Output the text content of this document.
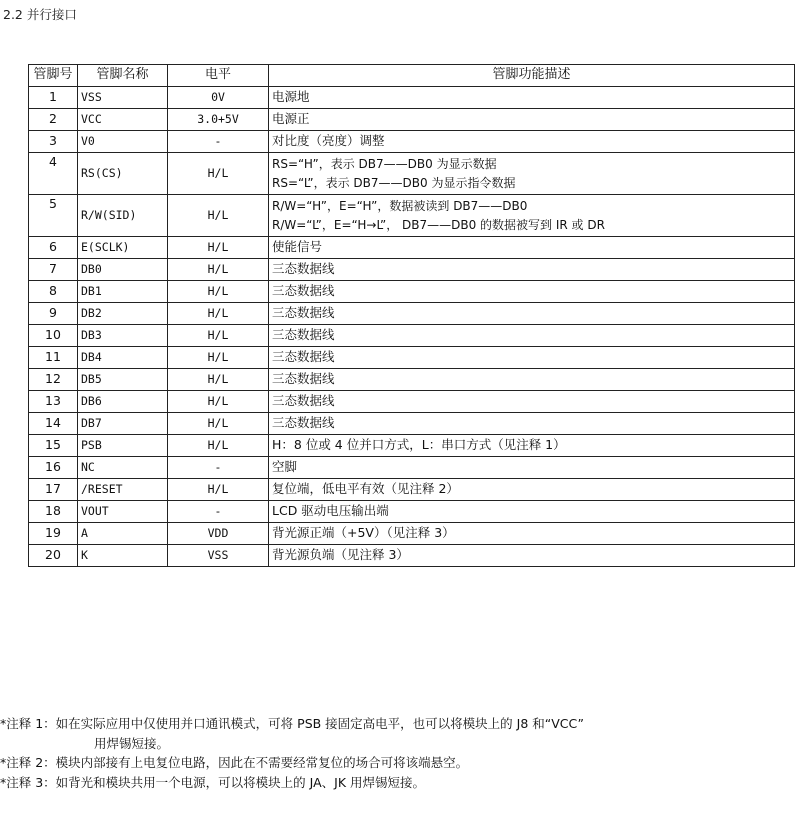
2.2 并行接口
管脚号	管脚名称	电平	管脚功能描述
1	VSS	0V	电源地
2	VCC	3.0+5V	电源正
3	V0	-	对比度（亮度）调整
4	RS(CS)	H/L	RS=“H”，表示 DB7——DB0 为显示数据
RS=“L”，表示 DB7——DB0 为显示指令数据

5	R/W(SID)	H/L	R/W=“H”，E=“H”，数据被读到 DB7——DB0
R/W=“L”，E=“H→L”， DB7——DB0 的数据被写到 IR 或 DR

6	E(SCLK)	H/L	使能信号
7	DB0	H/L	三态数据线
8	DB1	H/L	三态数据线
9	DB2	H/L	三态数据线
10	DB3	H/L	三态数据线
11	DB4	H/L	三态数据线
12	DB5	H/L	三态数据线
13	DB6	H/L	三态数据线
14	DB7	H/L	三态数据线
15	PSB	H/L	H：8 位或 4 位并口方式，L：串口方式（见注释 1）
16	NC	-	空脚
17	/RESET	H/L	复位端，低电平有效（见注释 2）
18	VOUT	-	LCD 驱动电压输出端
19	A	VDD	背光源正端（+5V）（见注释 3）
20	K	VSS	背光源负端（见注释 3）
*注释 1：如在实际应用中仅使用并口通讯模式，可将 PSB 接固定高电平，也可以将模块上的 J8 和“VCC”
用焊锡短接。
*注释 2：模块内部接有上电复位电路，因此在不需要经常复位的场合可将该端悬空。
*注释 3：如背光和模块共用一个电源，可以将模块上的 JA、JK 用焊锡短接。
